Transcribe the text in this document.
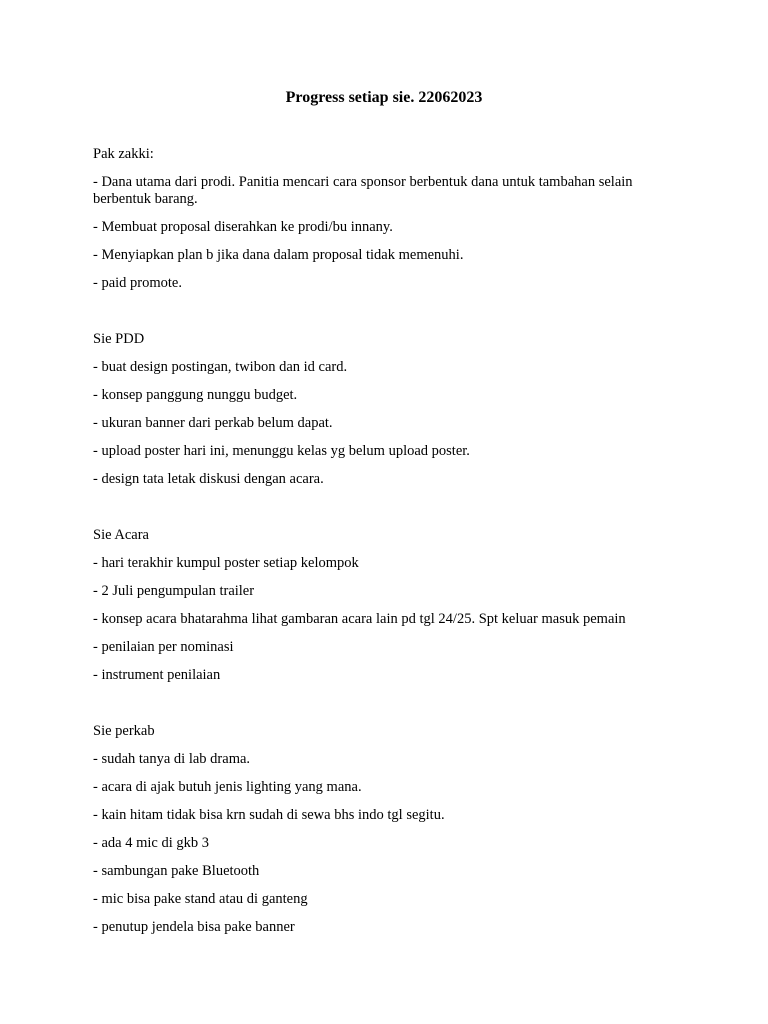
Progress setiap sie. 22062023
Pak zakki:
- Dana utama dari prodi. Panitia mencari cara sponsor berbentuk dana untuk tambahan selain berbentuk barang.
- Membuat proposal diserahkan ke prodi/bu innany.
- Menyiapkan plan b jika dana dalam proposal tidak memenuhi.
- paid promote.
Sie PDD
- buat design postingan, twibon dan id card.
- konsep panggung nunggu budget.
- ukuran banner dari perkab belum dapat.
- upload poster hari ini, menunggu kelas yg belum upload poster.
- design tata letak diskusi dengan acara.
Sie Acara
- hari terakhir kumpul poster setiap kelompok
- 2 Juli pengumpulan trailer
- konsep acara bhatarahma lihat gambaran acara lain pd tgl 24/25. Spt keluar masuk pemain
- penilaian per nominasi
- instrument penilaian
Sie perkab
- sudah tanya di lab drama.
- acara di ajak butuh jenis lighting yang mana.
- kain hitam tidak bisa krn sudah di sewa bhs indo tgl segitu.
- ada 4 mic di gkb 3
- sambungan pake Bluetooth
- mic bisa pake stand atau di ganteng
- penutup jendela bisa pake banner
